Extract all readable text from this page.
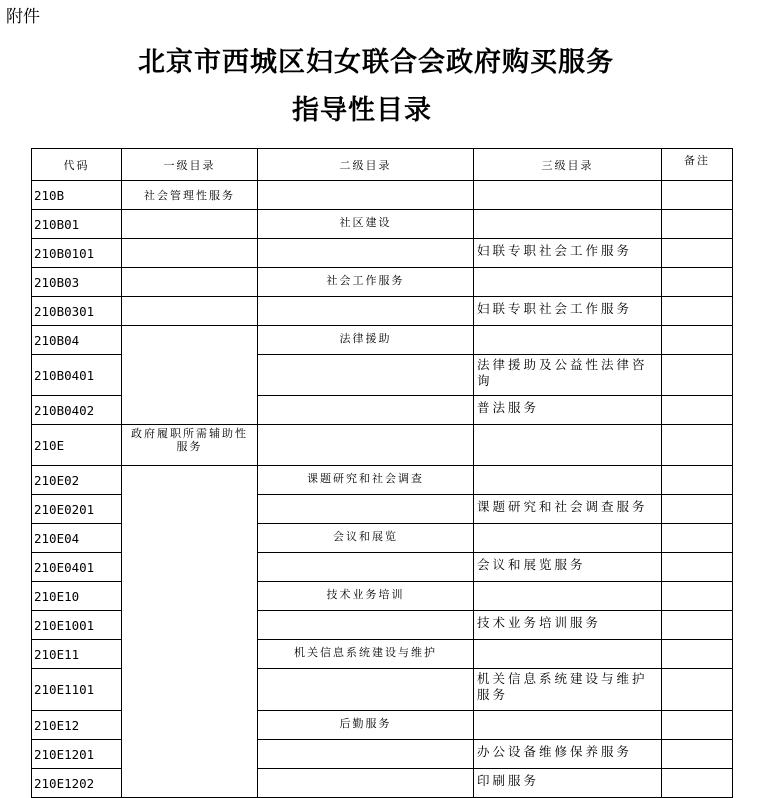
附件
北京市西城区妇女联合会政府购买服务
指导性目录
代码	一级目录	二级目录	三级目录	备注
210B	社会管理性服务			
210B01		社区建设		
210B0101			妇联专职社会工作服务	
210B03		社会工作服务		
210B0301			妇联专职社会工作服务	
210B04		法律援助		
210B0401			法律援助及公益性法律咨询	
210B0402			普法服务	
210E	政府履职所需辅助性服务			
210E02		课题研究和社会调查		
210E0201			课题研究和社会调查服务	
210E04		会议和展览		
210E0401			会议和展览服务	
210E10		技术业务培训		
210E1001			技术业务培训服务	
210E11		机关信息系统建设与维护		
210E1101			机关信息系统建设与维护服务	
210E12		后勤服务		
210E1201			办公设备维修保养服务	
210E1202			印刷服务	
